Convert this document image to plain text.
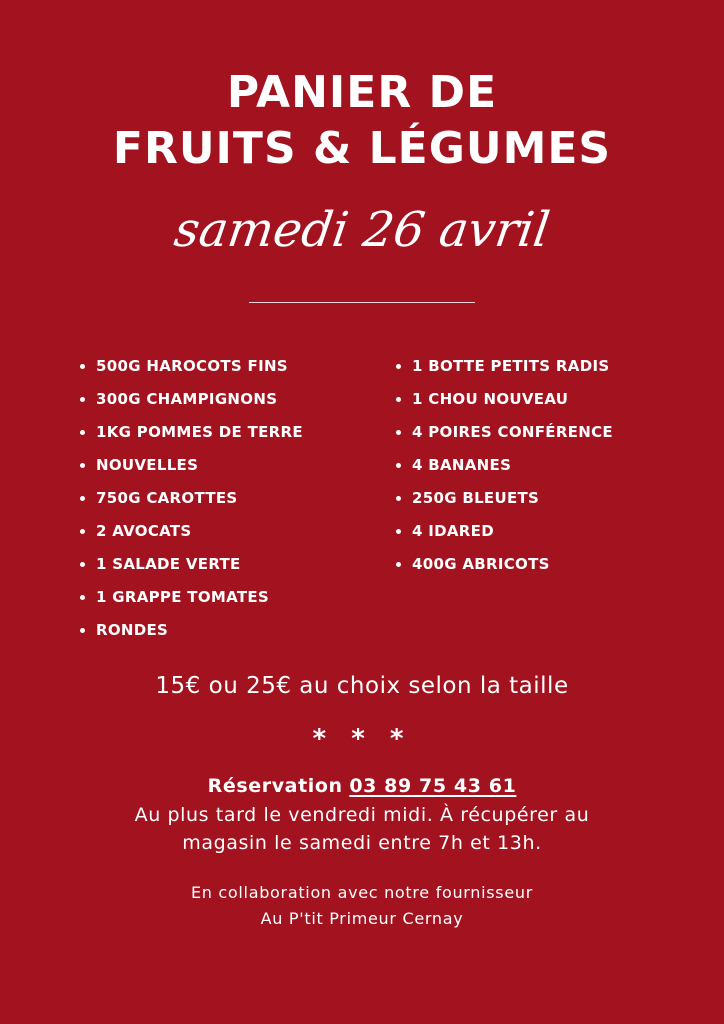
PANIER DE
FRUITS & LÉGUMES
samedi 26 avril
500G HAROCOTS FINS
300G CHAMPIGNONS
1KG POMMES DE TERRE
NOUVELLES
750G CAROTTES
2 AVOCATS
1 SALADE VERTE
1 GRAPPE TOMATES
RONDES
1 BOTTE PETITS RADIS
1 CHOU NOUVEAU
4 POIRES CONFÉRENCE
4 BANANES
250G BLEUETS
4 IDARED
400G ABRICOTS
15€ ou 25€ au choix selon la taille
* * *
Réservation 03 89 75 43 61
Au plus tard le vendredi midi. À récupérer au
magasin le samedi entre 7h et 13h.
En collaboration avec notre fournisseur
Au P'tit Primeur Cernay
